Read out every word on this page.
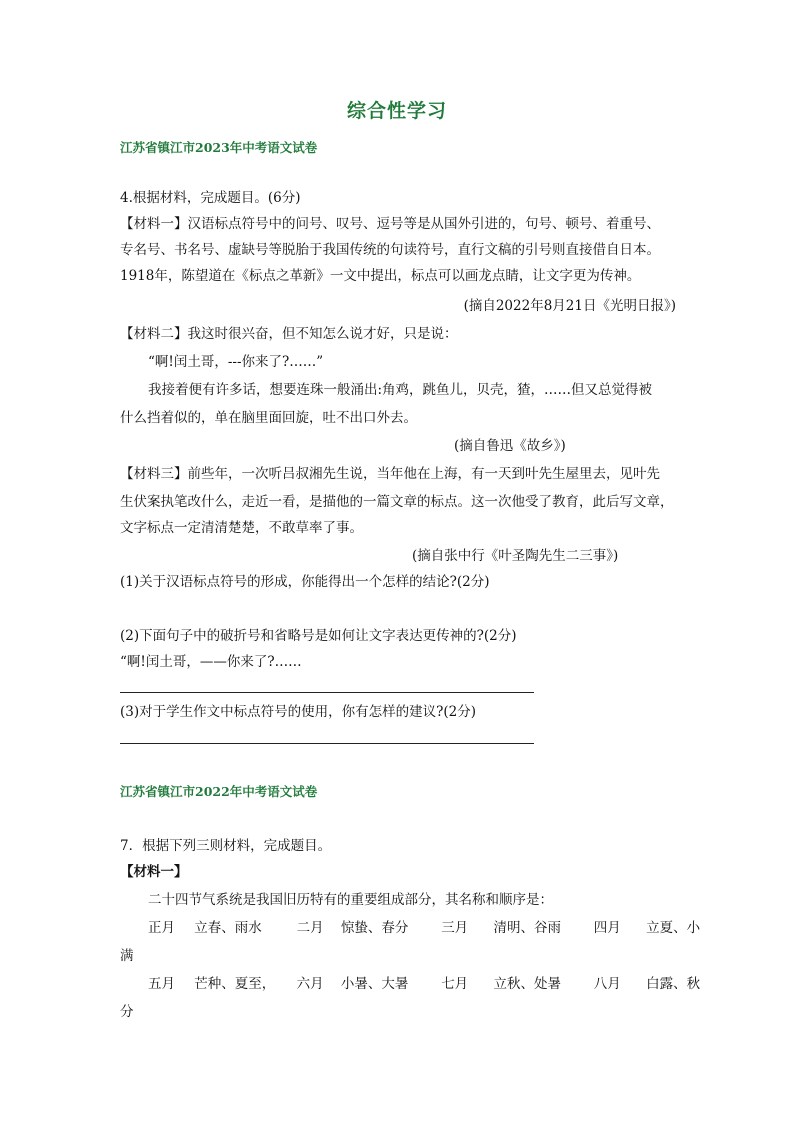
综合性学习
江苏省镇江市2023年中考语文试卷
4.根据材料，完成题目。(6分)
【材料一】汉语标点符号中的问号、叹号、逗号等是从国外引进的，句号、顿号、着重号、
专名号、书名号、虚缺号等脱胎于我国传统的句读符号，直行文稿的引号则直接借自日本。
1918年，陈望道在《标点之革新》一文中提出，标点可以画龙点睛，让文字更为传神。
(摘自2022年8月21日《光明日报》)
【材料二】我这时很兴奋，但不知怎么说才好，只是说：
“啊!闰土哥，---你来了?……”
我接着便有许多话，想要连珠一般涌出:角鸡，跳鱼儿，贝壳，猹，……但又总觉得被
什么挡着似的，单在脑里面回旋，吐不出口外去。
(摘自鲁迅《故乡》)
【材料三】前些年，一次听吕叔湘先生说，当年他在上海，有一天到叶先生屋里去，见叶先
生伏案执笔改什么，走近一看，是描他的一篇文章的标点。这一次他受了教育，此后写文章，
文字标点一定清清楚楚，不敢草率了事。
(摘自张中行《叶圣陶先生二三事》)
(1)关于汉语标点符号的形成，你能得出一个怎样的结论?(2分)
(2)下面句子中的破折号和省略号是如何让文字表达更传神的?(2分)
“啊!闰土哥，——你来了?……
(3)对于学生作文中标点符号的使用，你有怎样的建议?(2分)
江苏省镇江市2022年中考语文试卷
7．根据下列三则材料，完成题目。
【材料一】
二十四节气系统是我国旧历特有的重要组成部分，其名称和顺序是：
正月 立春、雨水	二月 惊蛰、春分 三月 清明、谷雨 四月 立夏、小
满
五月 芒种、夏至， 六月 小暑、大暑 七月 立秋、处暑 八月 白露、秋
分
